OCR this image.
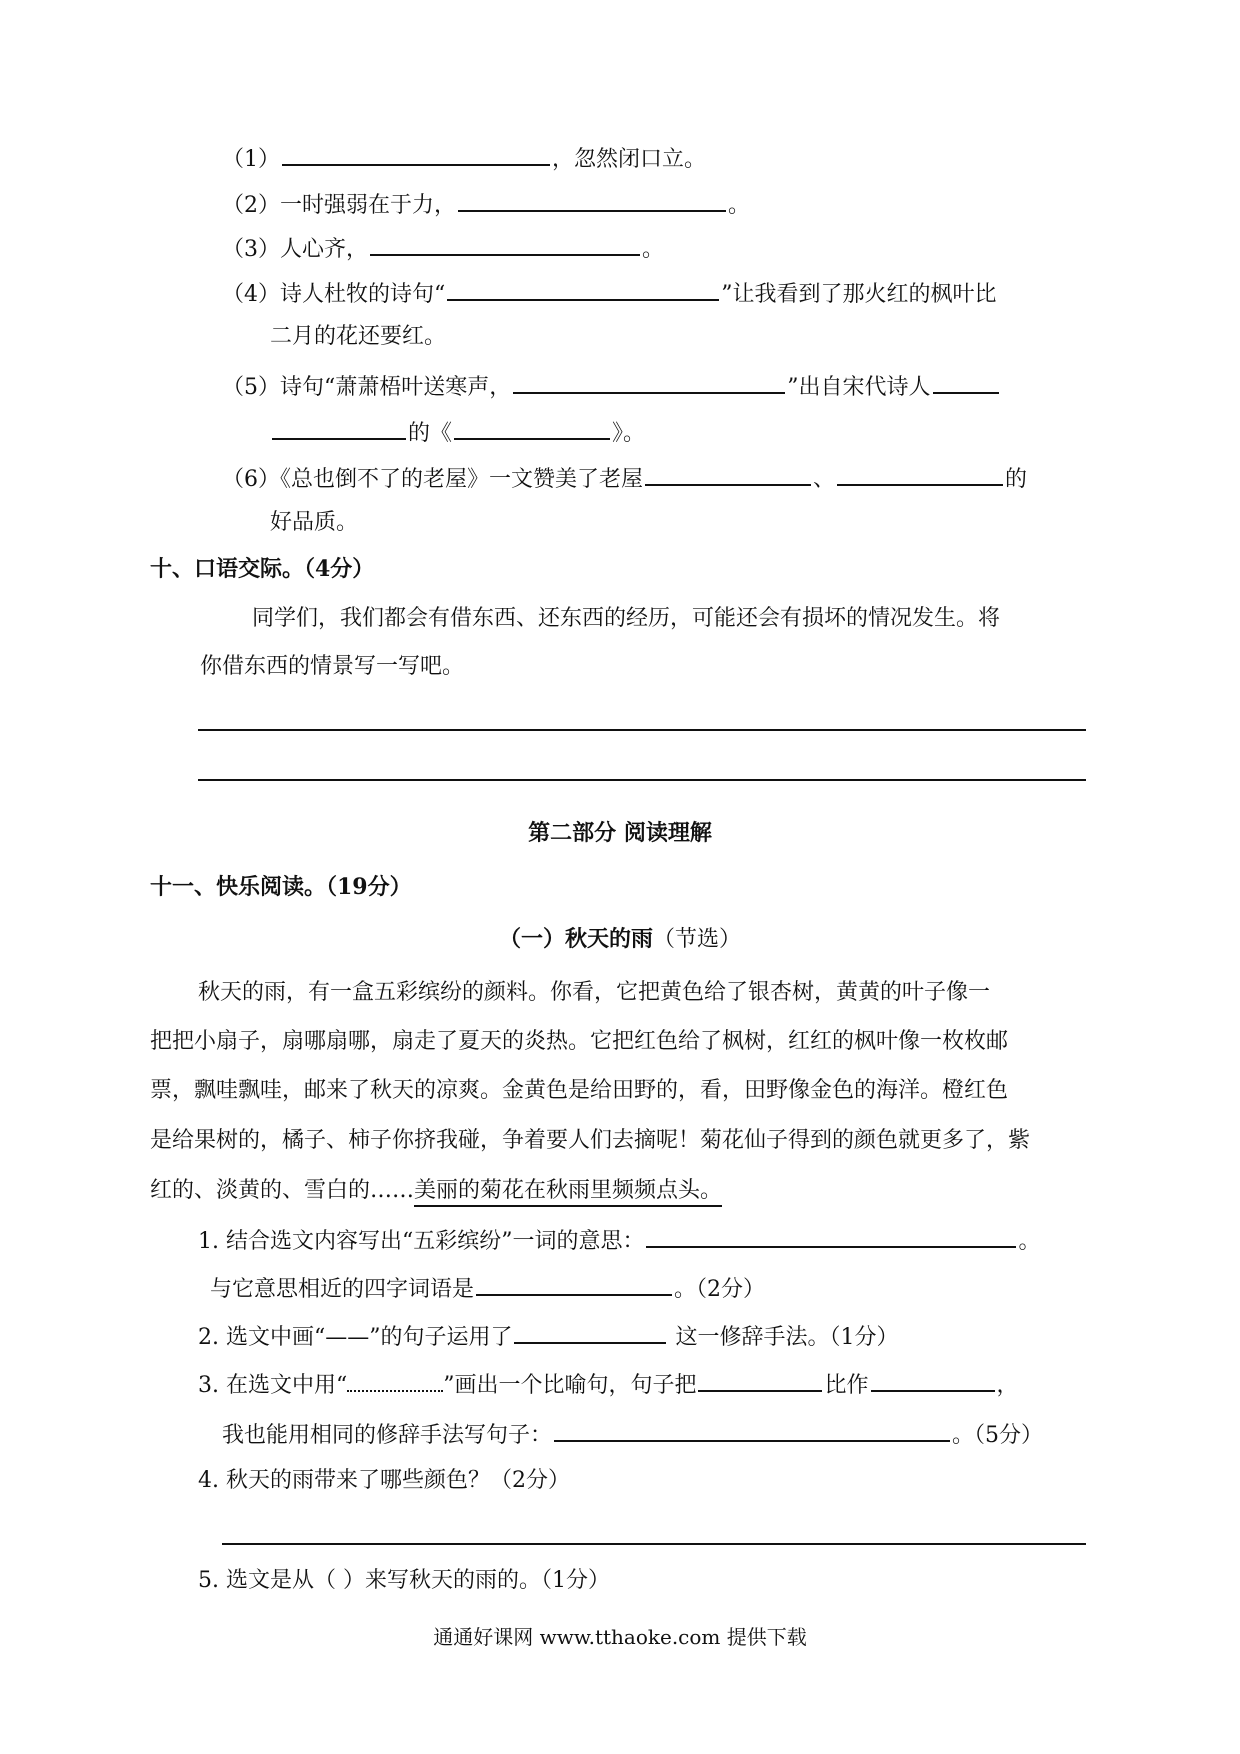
（1）	，忽然闭口立。
（2）一时强弱在于力，	。
（3）人心齐，	。
（4）诗人杜牧的诗句“	”让我看到了那火红的枫叶比
二月的花还要红。
（5）诗句“萧萧梧叶送寒声，	”出自宋代诗人
的《	》。
（6）《总也倒不了的老屋》一文赞美了老屋	、	的
好品质。
十、口语交际。（4分）
同学们，我们都会有借东西、还东西的经历，可能还会有损坏的情况发生。将
你借东西的情景写一写吧。
第二部分 阅读理解
十一、快乐阅读。（19分）
（一）秋天的雨（节选）
秋天的雨，有一盒五彩缤纷的颜料。你看，它把黄色给了银杏树，黄黄的叶子像一
把把小扇子，扇哪扇哪，扇走了夏天的炎热。它把红色给了枫树，红红的枫叶像一枚枚邮
票，飘哇飘哇，邮来了秋天的凉爽。金黄色是给田野的，看，田野像金色的海洋。橙红色
是给果树的，橘子、柿子你挤我碰，争着要人们去摘呢！菊花仙子得到的颜色就更多了，紫
红的、淡黄的、雪白的……美丽的菊花在秋雨里频频点头。
1. 结合选文内容写出“五彩缤纷”一词的意思：	。
与它意思相近的四字词语是	。（2分）
2. 选文中画“——”的句子运用了	这一修辞手法。（1分）
3. 在选文中用“	”画出一个比喻句，句子把	比作	，
我也能用相同的修辞手法写句子：	。（5分）
4. 秋天的雨带来了哪些颜色？（2分）
5. 选文是从（ ）来写秋天的雨的。（1分）
通通好课网 www.tthaoke.com 提供下载
